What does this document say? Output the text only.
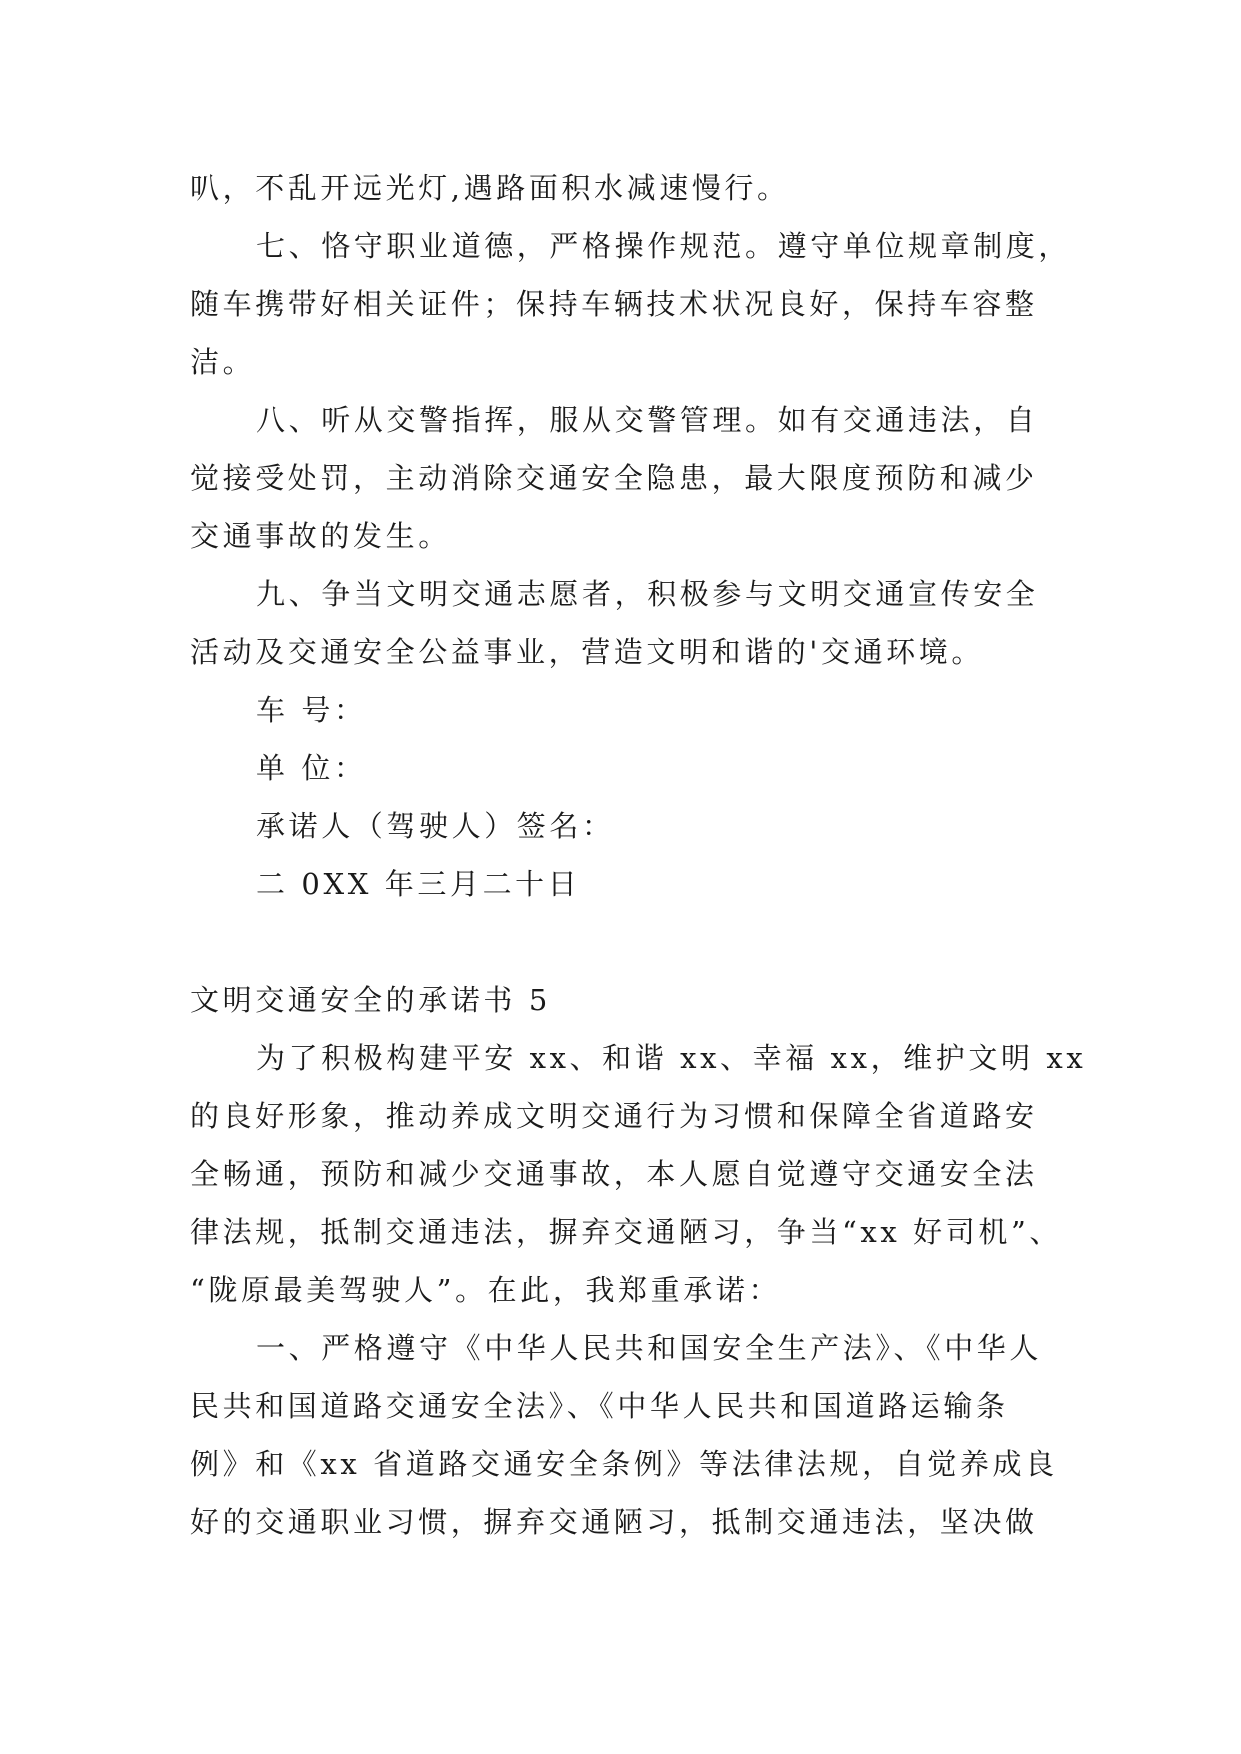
叭，不乱开远光灯,遇路面积水减速慢行。
七、恪守职业道德，严格操作规范。遵守单位规章制度，
随车携带好相关证件；保持车辆技术状况良好，保持车容整
洁。
八、听从交警指挥，服从交警管理。如有交通违法，自
觉接受处罚，主动消除交通安全隐患，最大限度预防和减少
交通事故的发生。
九、争当文明交通志愿者，积极参与文明交通宣传安全
活动及交通安全公益事业，营造文明和谐的'交通环境。
车 号：
单 位：
承诺人（驾驶人）签名：
二 0XX 年三月二十日
文明交通安全的承诺书 5
为了积极构建平安 xx、和谐 xx、幸福 xx，维护文明 xx
的良好形象，推动养成文明交通行为习惯和保障全省道路安
全畅通，预防和减少交通事故，本人愿自觉遵守交通安全法
律法规，抵制交通违法，摒弃交通陋习，争当“xx 好司机”、
“陇原最美驾驶人”。在此，我郑重承诺：
一、严格遵守《中华人民共和国安全生产法》、《中华人
民共和国道路交通安全法》、《中华人民共和国道路运输条
例》和《xx 省道路交通安全条例》等法律法规，自觉养成良
好的交通职业习惯，摒弃交通陋习，抵制交通违法，坚决做
